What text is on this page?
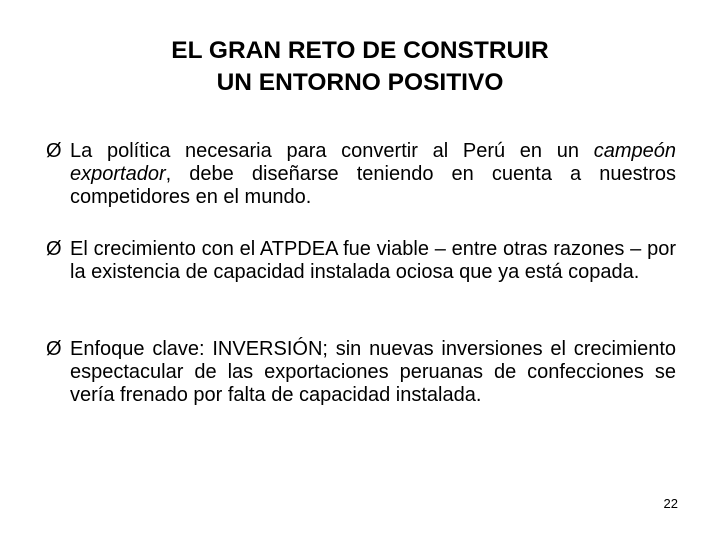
EL GRAN RETO DE CONSTRUIR
UN ENTORNO POSITIVO
Ø La política necesaria para convertir al Perú en un campeón exportador, debe diseñarse teniendo en cuenta a nuestros competidores en el mundo.
Ø El crecimiento con el ATPDEA fue viable – entre otras razones – por la existencia de capacidad instalada ociosa que ya está copada.
Ø Enfoque clave: INVERSIÓN; sin nuevas inversiones el crecimiento espectacular de las exportaciones peruanas de confecciones se vería frenado por falta de capacidad instalada.
22
